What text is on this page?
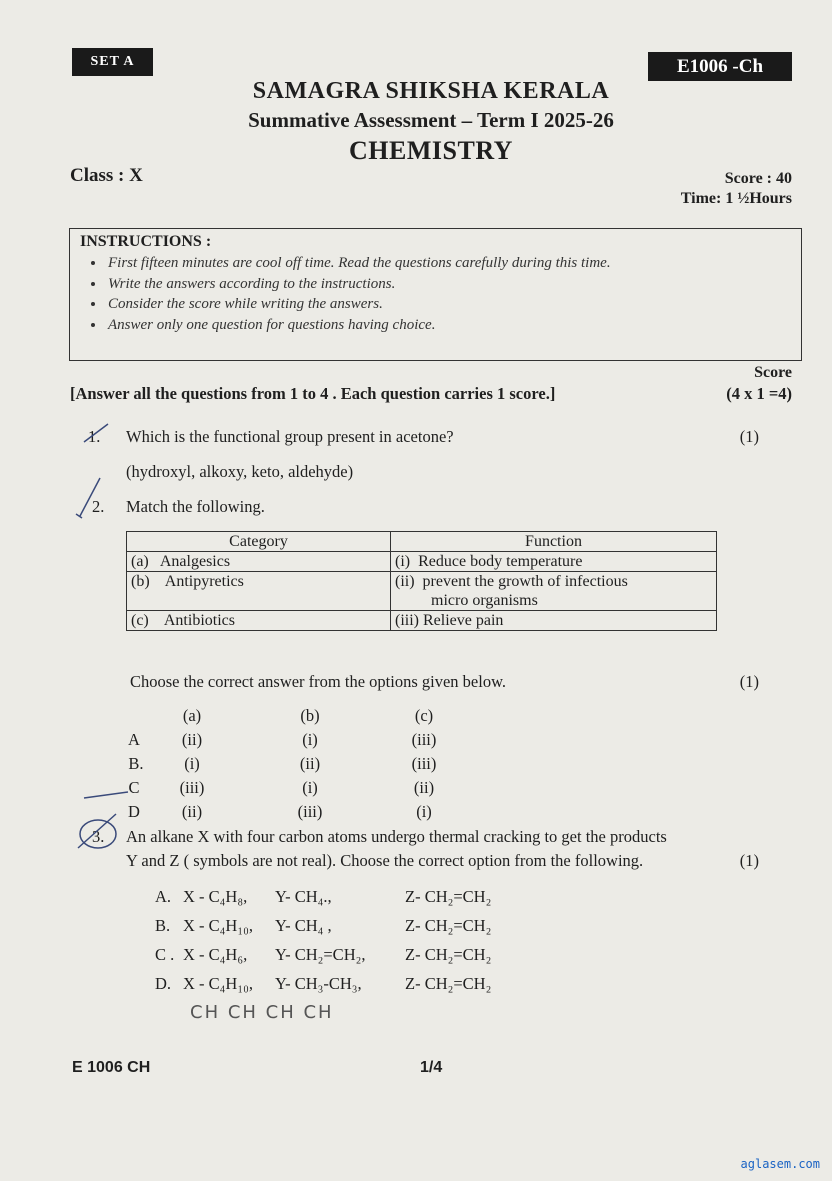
SET A	E1006 -Ch
SAMAGRA SHIKSHA KERALA
Summative Assessment – Term I 2025-26
CHEMISTRY
Class : X	Score : 40
Time: 1 ½Hours
INSTRUCTIONS :
• First fifteen minutes are cool off time. Read the questions carefully during this time.
• Write the answers according to the instructions.
• Consider the score while writing the answers.
• Answer only one question for questions having choice.
Score
[Answer all the questions from 1 to 4 . Each question carries 1 score.]	(4 x 1 =4)
1. Which is the functional group present in acetone?	(1)
(hydroxyl, alkoxy, keto, aldehyde)
2. Match the following.
Category	Function
(a)   Analgesics	(i)  Reduce body temperature
(b)    Antipyretics	(ii)  prevent the growth of infectious
micro organisms

(c)    Antibiotics	(iii) Relieve pain
Choose the correct answer from the options given below.	(1)
(a)	(b)	(c)
A	(ii)	(i)	(iii)
B.	(i)	(ii)	(iii)
C	(iii)	(i)	(ii)
D	(ii)	(iii)	(i)
3. An alkane X with four carbon atoms undergo thermal cracking to get the products
Y and Z ( symbols are not real). Choose the correct option from the following.	(1)
A. X - C₄H₈, Y- CH₄.,	Z- CH₂=CH₂
B. X - C₄H₁₀, Y- CH₄ ,	Z- CH₂=CH₂
C . X - C₄H₆, Y- CH₂=CH₂, Z- CH₂=CH₂
D. X - C₄H₁₀, Y- CH₃-CH₃,	Z- CH₂=CH₂
CH CH CH CH
E 1006 CH	1/4
aglasem.com
